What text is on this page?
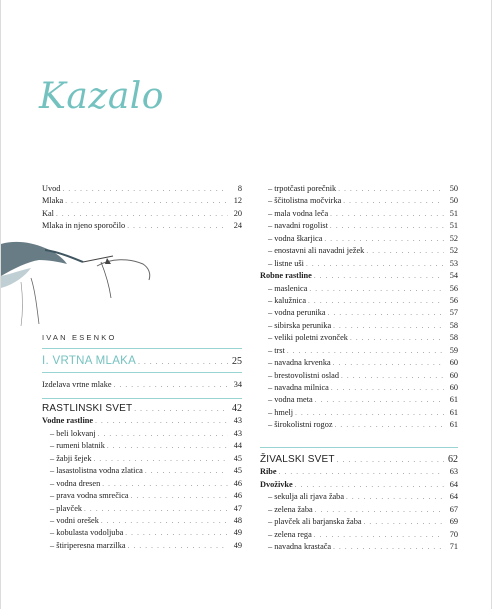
Kazalo
IVAN ESENKO
Uvod . . .	8
Mlaka . . .	12
Kal . . .	20
Mlaka in njeno sporočilo . . .	24
I. VRTNA MLAKA . . .	25
Izdelava vrtne mlake . . .	34
RASTLINSKI SVET . . .	42
Vodne rastline . . .	43
– beli lokvanj . . .	43
– rumeni blatnik . . .	44
– žabji šejek . . .	45
– lasastolistna vodna zlatica . . .	45
– vodna dresen . . .	46
– prava vodna smrečica . . .	46
– plavček . . .	47
– vodni orešek . . .	48
– kobulasta vodoljuba . . .	49
– štiriperesna marzilka . . .	49
– trpotčasti porečnik . . .	50
– ščitolistna močvirka . . .	50
– mala vodna leča . . .	51
– navadni rogolist . . .	51
– vodna škarjica . . .	52
– enostavni ali navadni ježek . . .	52
– listne uši . . .	53
Robne rastline . . .	54
– maslenica . . .	56
– kalužnica . . .	56
– vodna perunika . . .	57
– sibirska perunika . . .	58
– veliki poletni zvonček . . .	58
– trst . . .	59
– navadna krvenka . . .	60
– brestovolistni oslad . . .	60
– navadna milnica . . .	60
– vodna meta . . .	61
– hmelj . . .	61
– širokolistni rogoz . . .	61
ŽIVALSKI SVET . . .	62
Ribe . . .	63
Dvoživke . . .	64
– sekulja ali rjava žaba . . .	64
– zelena žaba . . .	67
– plavček ali barjanska žaba . . .	69
– zelena rega . . .	70
– navadna krastača . . .	71
